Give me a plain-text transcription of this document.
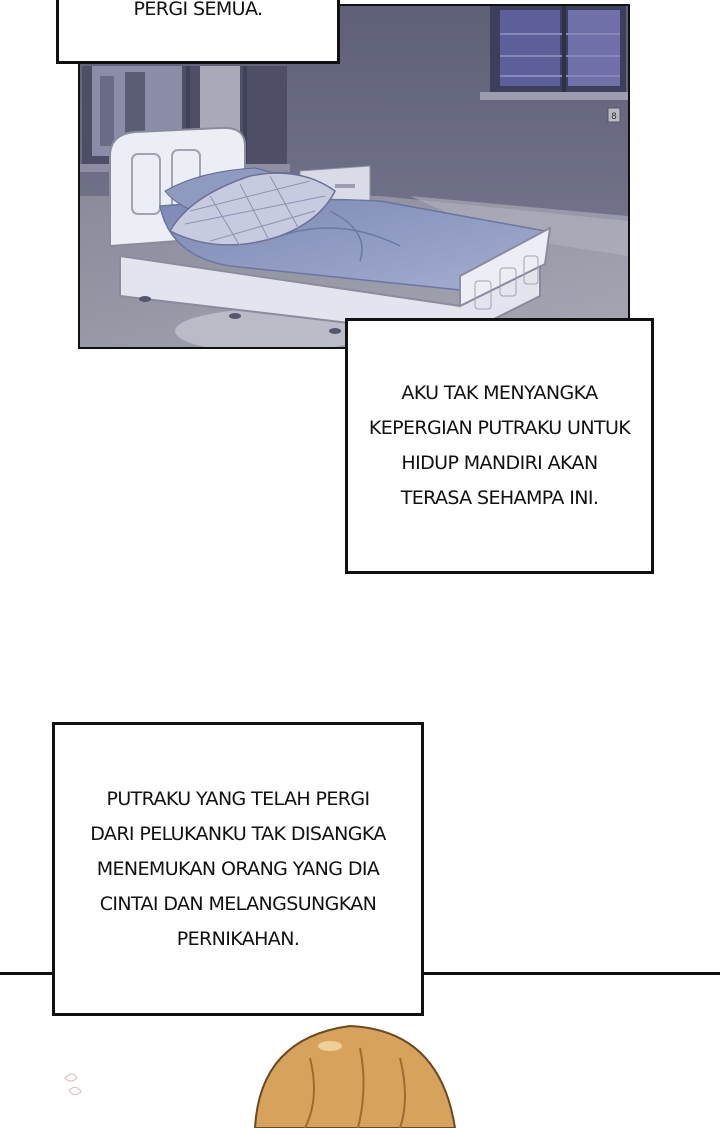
8
PERGI SEMUA.
AKU TAK MENYANGKA
KEPERGIAN PUTRAKU UNTUK
HIDUP MANDIRI AKAN
TERASA SEHAMPA INI.
PUTRAKU YANG TELAH PERGI
DARI PELUKANKU TAK DISANGKA
MENEMUKAN ORANG YANG DIA
CINTAI DAN MELANGSUNGKAN
PERNIKAHAN.
